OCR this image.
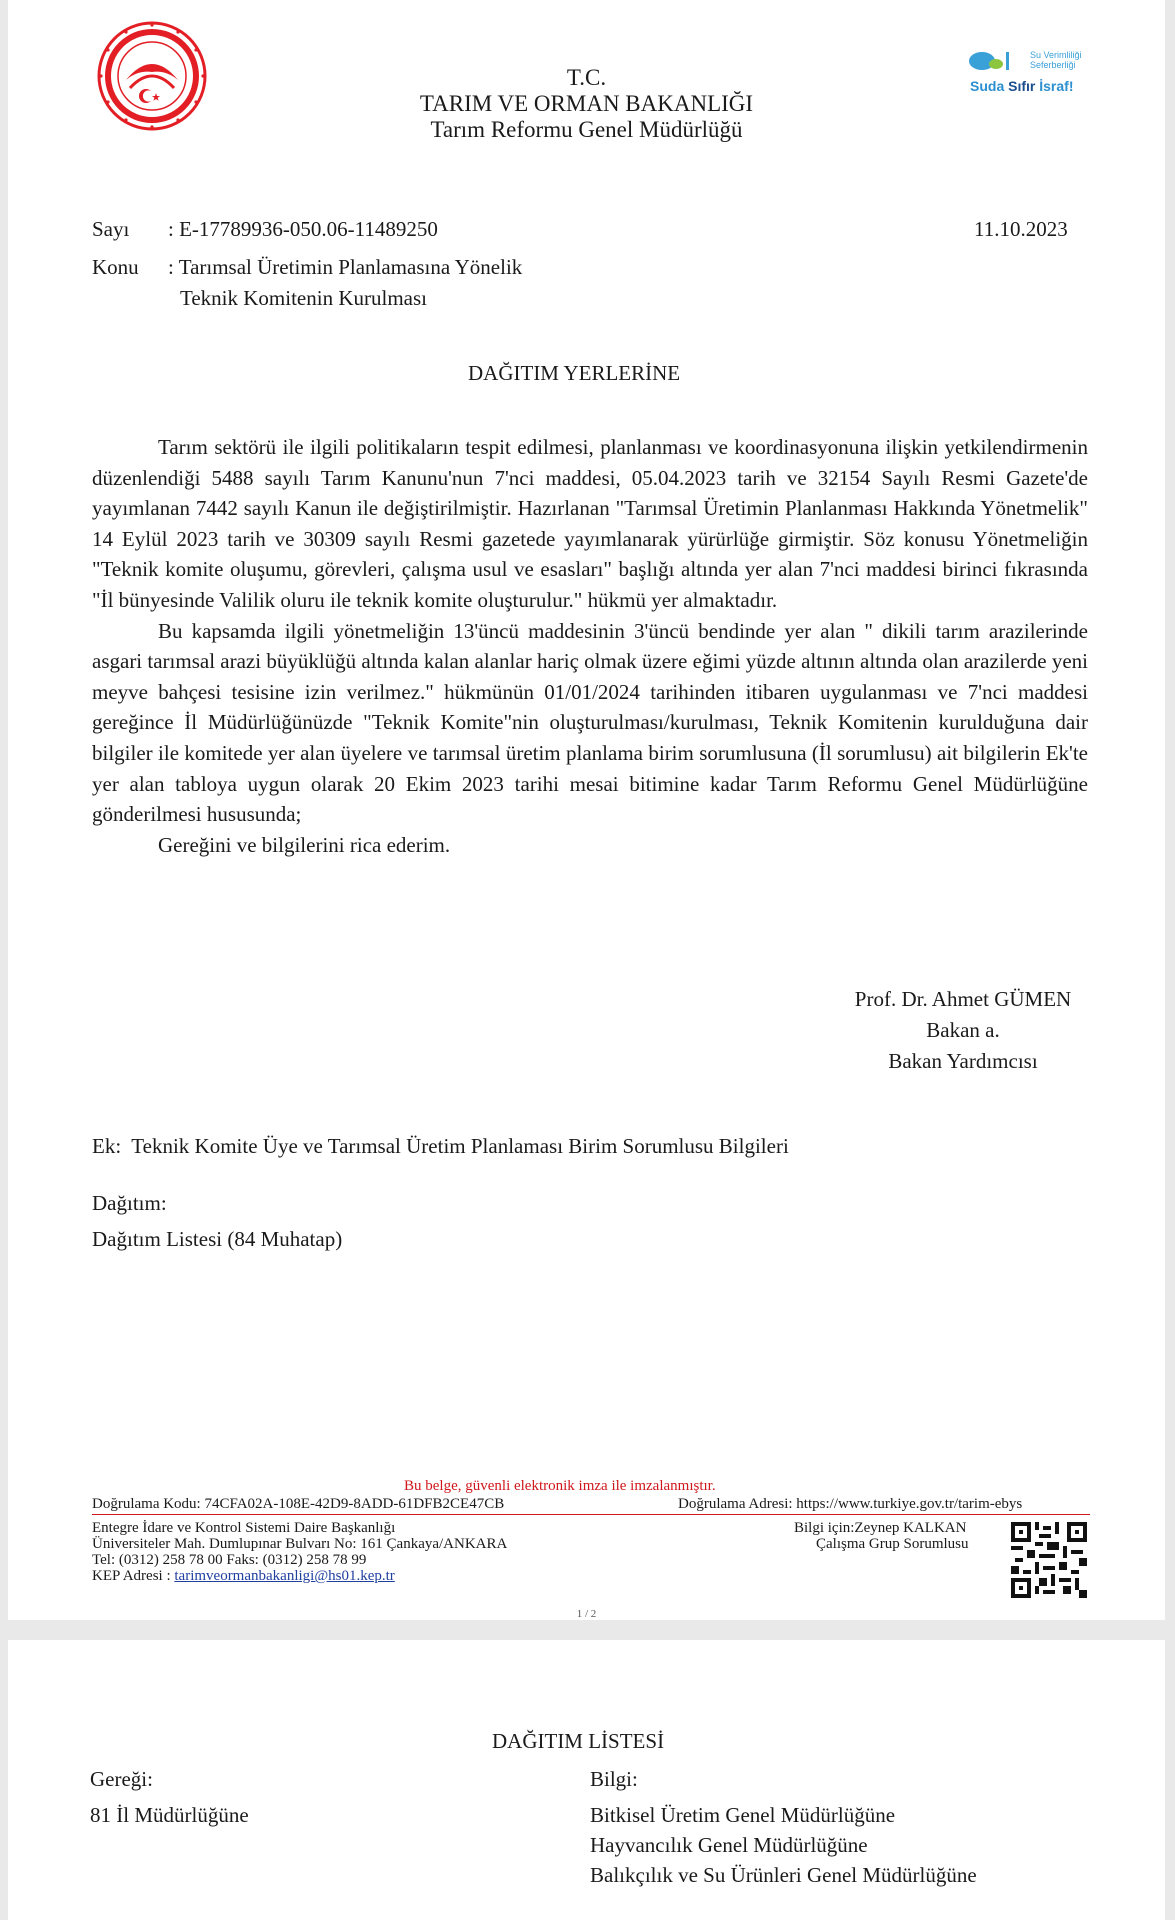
T.C.
TARIM VE ORMAN BAKANLIĞI
Tarım Reformu Genel Müdürlüğü
Su Verimliliği
Seferberliği
Suda Sıfır İsraf!
Sayı : E-17789936-050.06-11489250	11.10.2023
Konu : Tarımsal Üretimin Planlamasına Yönelik
Teknik Komitenin Kurulması
DAĞITIM YERLERİNE

Tarım sektörü ile ilgili politikaların tespit edilmesi, planlanması ve koordinasyonuna ilişkin yetkilendirmenin düzenlendiği 5488 sayılı Tarım Kanunu'nun 7'nci maddesi, 05.04.2023 tarih ve 32154 Sayılı Resmi Gazete'de yayımlanan 7442 sayılı Kanun ile değiştirilmiştir. Hazırlanan "Tarımsal Üretimin Planlanması Hakkında Yönetmelik" 14 Eylül 2023 tarih ve 30309 sayılı Resmi gazetede yayımlanarak yürürlüğe girmiştir. Söz konusu Yönetmeliğin "Teknik komite oluşumu, görevleri, çalışma usul ve esasları" başlığı altında yer alan 7'nci maddesi birinci fıkrasında "İl bünyesinde Valilik oluru ile teknik komite oluşturulur." hükmü yer almaktadır.

Bu kapsamda ilgili yönetmeliğin 13'üncü maddesinin 3'üncü bendinde yer alan " dikili tarım arazilerinde asgari tarımsal arazi büyüklüğü altında kalan alanlar hariç olmak üzere eğimi yüzde altının altında olan arazilerde yeni meyve bahçesi tesisine izin verilmez." hükmünün 01/01/2024 tarihinden itibaren uygulanması ve 7'nci maddesi gereğince İl Müdürlüğünüzde "Teknik Komite"nin oluşturulması/kurulması, Teknik Komitenin kurulduğuna dair bilgiler ile komitede yer alan üyelere ve tarımsal üretim planlama birim sorumlusuna (İl sorumlusu) ait bilgilerin Ek'te yer alan tabloya uygun olarak 20 Ekim 2023 tarihi mesai bitimine kadar Tarım Reformu Genel Müdürlüğüne gönderilmesi hususunda;

Gereğini ve bilgilerini rica ederim.

Prof. Dr. Ahmet GÜMEN
Bakan a.
Bakan Yardımcısı
Ek:  Teknik Komite Üye ve Tarımsal Üretim Planlaması Birim Sorumlusu Bilgileri
Dağıtım:
Dağıtım Listesi (84 Muhatap)
Bu belge, güvenli elektronik imza ile imzalanmıştır.
Doğrulama Kodu: 74CFA02A-108E-42D9-8ADD-61DFB2CE47CB	Doğrulama Adresi: https://www.turkiye.gov.tr/tarim-ebys
Entegre İdare ve Kontrol Sistemi Daire Başkanlığı
Üniversiteler Mah. Dumlupınar Bulvarı No: 161 Çankaya/ANKARA
Tel: (0312) 258 78 00 Faks: (0312) 258 78 99
KEP Adresi : tarimveormanbakanligi@hs01.kep.tr
Bilgi için:Zeynep KALKAN
Çalışma Grup Sorumlusu
1 / 2
DAĞITIM LİSTESİ
Gereği:
81 İl Müdürlüğüne
Bilgi:
Bitkisel Üretim Genel Müdürlüğüne
Hayvancılık Genel Müdürlüğüne
Balıkçılık ve Su Ürünleri Genel Müdürlüğüne
